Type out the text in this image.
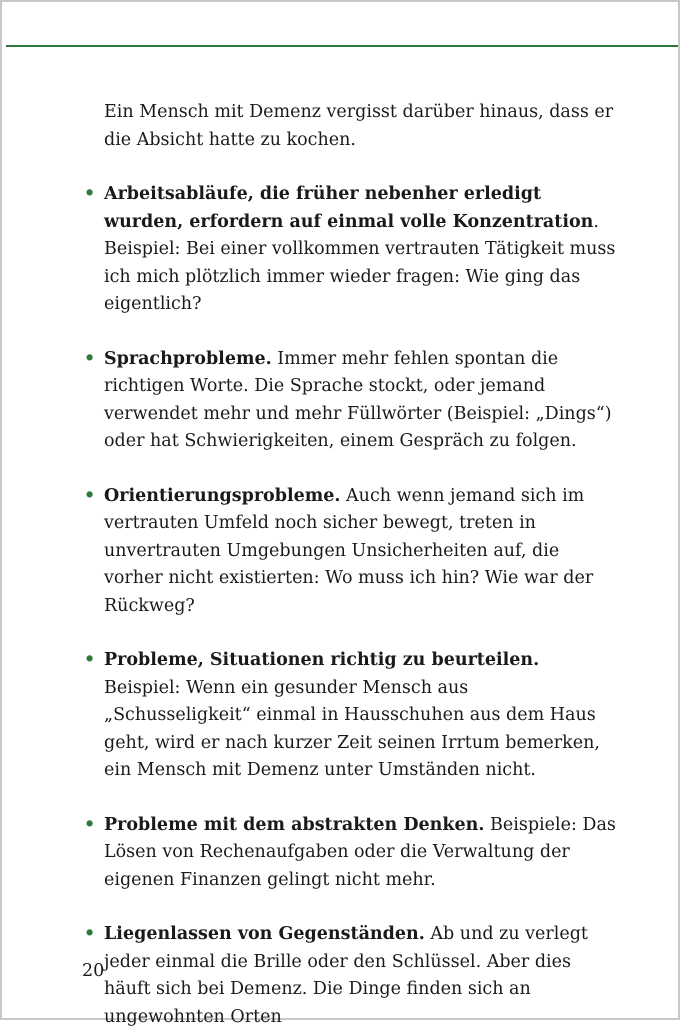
Ein Mensch mit Demenz vergisst darüber hinaus, dass er die Absicht hatte zu kochen.

• Arbeitsabläufe, die früher nebenher erledigt wurden, erfordern auf einmal volle Konzentration. Beispiel: Bei einer vollkommen vertrauten Tätigkeit muss ich mich plötzlich immer wieder fragen: Wie ging das eigentlich?
• Sprachprobleme. Immer mehr fehlen spontan die richtigen Worte. Die Sprache stockt, oder jemand verwendet mehr und mehr Füllwörter (Beispiel: „Dings“) oder hat Schwierigkeiten, einem Gespräch zu folgen.
• Orientierungsprobleme. Auch wenn jemand sich im vertrauten Umfeld noch sicher bewegt, treten in unvertrauten Umgebungen Unsicherheiten auf, die vorher nicht existierten: Wo muss ich hin? Wie war der Rückweg?
• Probleme, Situationen richtig zu beurteilen. Beispiel: Wenn ein gesunder Mensch aus „Schusseligkeit“ einmal in Hausschuhen aus dem Haus geht, wird er nach kurzer Zeit seinen Irrtum bemerken, ein Mensch mit Demenz unter Umständen nicht.
• Probleme mit dem abstrakten Denken. Beispiele: Das Lösen von Rechenaufgaben oder die Verwaltung der eigenen Finanzen gelingt nicht mehr.
• Liegenlassen von Gegenständen. Ab und zu verlegt jeder einmal die Brille oder den Schlüssel. Aber dies häuft sich bei Demenz. Die Dinge finden sich an ungewohnten Orten
20
